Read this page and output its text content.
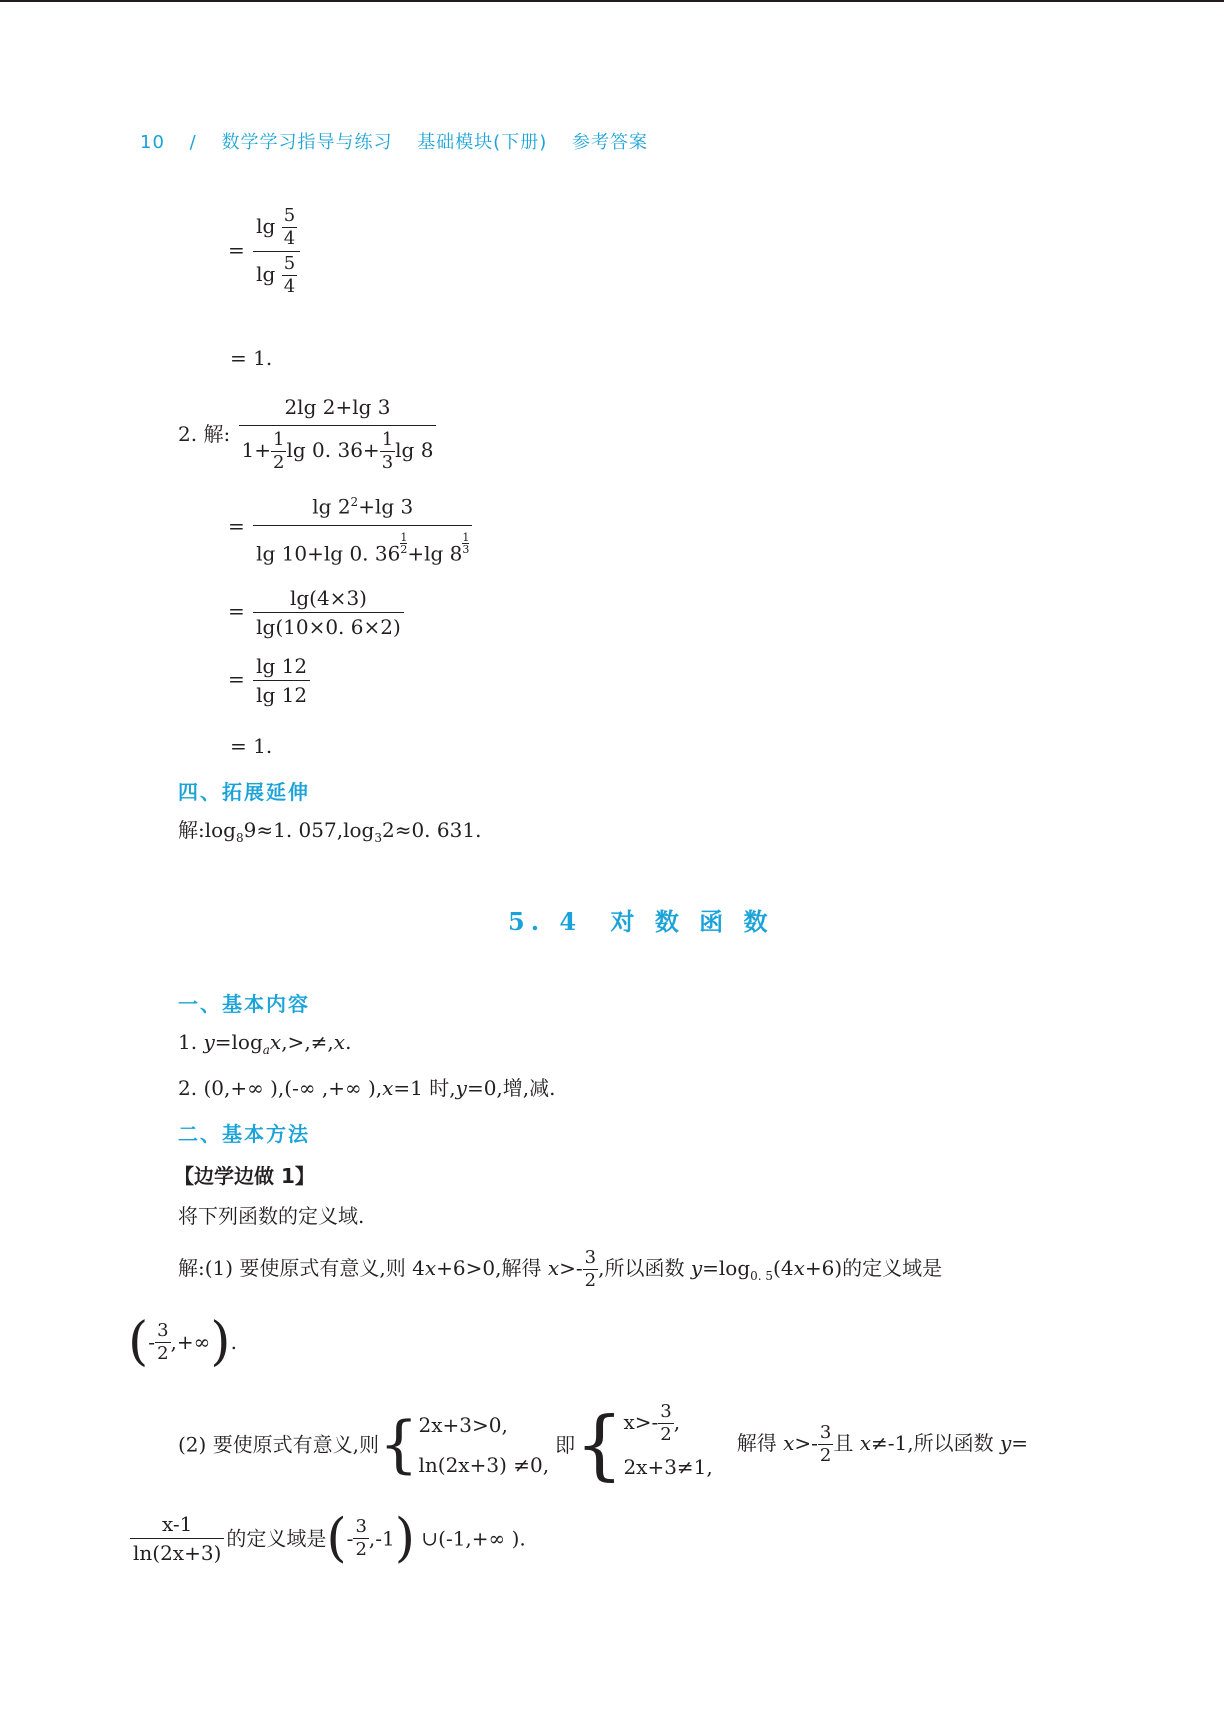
10 / 数学学习指导与练习 基础模块(下册) 参考答案
= $\frac{\lg \frac{5}{4}}{\lg \frac{5}{4}}$
= 1.
2. 解: $\frac{2\lg 2+\lg 3}{1+ \frac{1}{2} \lg 0. 36+ \frac{1}{3} \lg 8}$
= $\frac{\lg 2^2+\lg 3}{\lg 10+\lg 0. 36 \frac{1}{2} +\lg 8 \frac{1}{3}}$
= $\frac{\lg(4\times 3)}{\lg(10\times 0. 6\times 2)}$
= $\frac{\lg 12}{\lg 12}$
= 1.
四、拓展延伸
解$:\log_89\approx 1$. $057,\log_32\approx 0$. 631.
5. 4 对 数 函 数
一、基本内容
1. $y=\log_ax,>,\ne,x$.
2. (0,+∞ ),(-∞ ,+∞ ),x=1 时,y=0,增,减.
二、基本方法
【边学边做 1】
将下列函数的定义域.
解:(1) 要使原式有意义,则 4x+6>0,解得 $x>- \frac{3}{2}$ ,所以函数 $y=\log_{0. 5}(4x+6)$的定义域是
(- $\frac{3}{2}$ ,+∞).
(2) 要使原式有意义,则{ 2x+3>0,
ln(2x+3) ≠0,
即{ $x>- \frac{3}{2}$ ,
2x+3≠1,
解得 $x>- \frac{3}{2}$ 且 x≠-1,所以函数 y=
$\frac{x-1}{\ln(2x+3)}$ 的定义域是(- $\frac{3}{2} ,-1$) ∪(-1,+∞ ).
